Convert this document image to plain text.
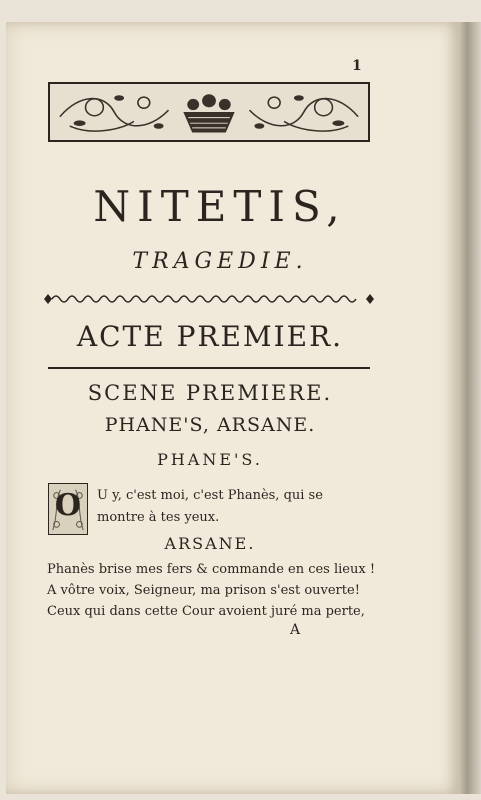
1
NITETIS,
TRAGEDIE.
ACTE PREMIER.
SCENE PREMIERE.
PHANE'S, ARSANE.
PHANE'S.
O	U y, c'est moi, c'est Phanès, qui se
montre à tes yeux.
ARSANE.
Phanès brise mes fers & commande en ces lieux !
A vôtre voix, Seigneur, ma prison s'est ouverte!
Ceux qui dans cette Cour avoient juré ma perte,
A
